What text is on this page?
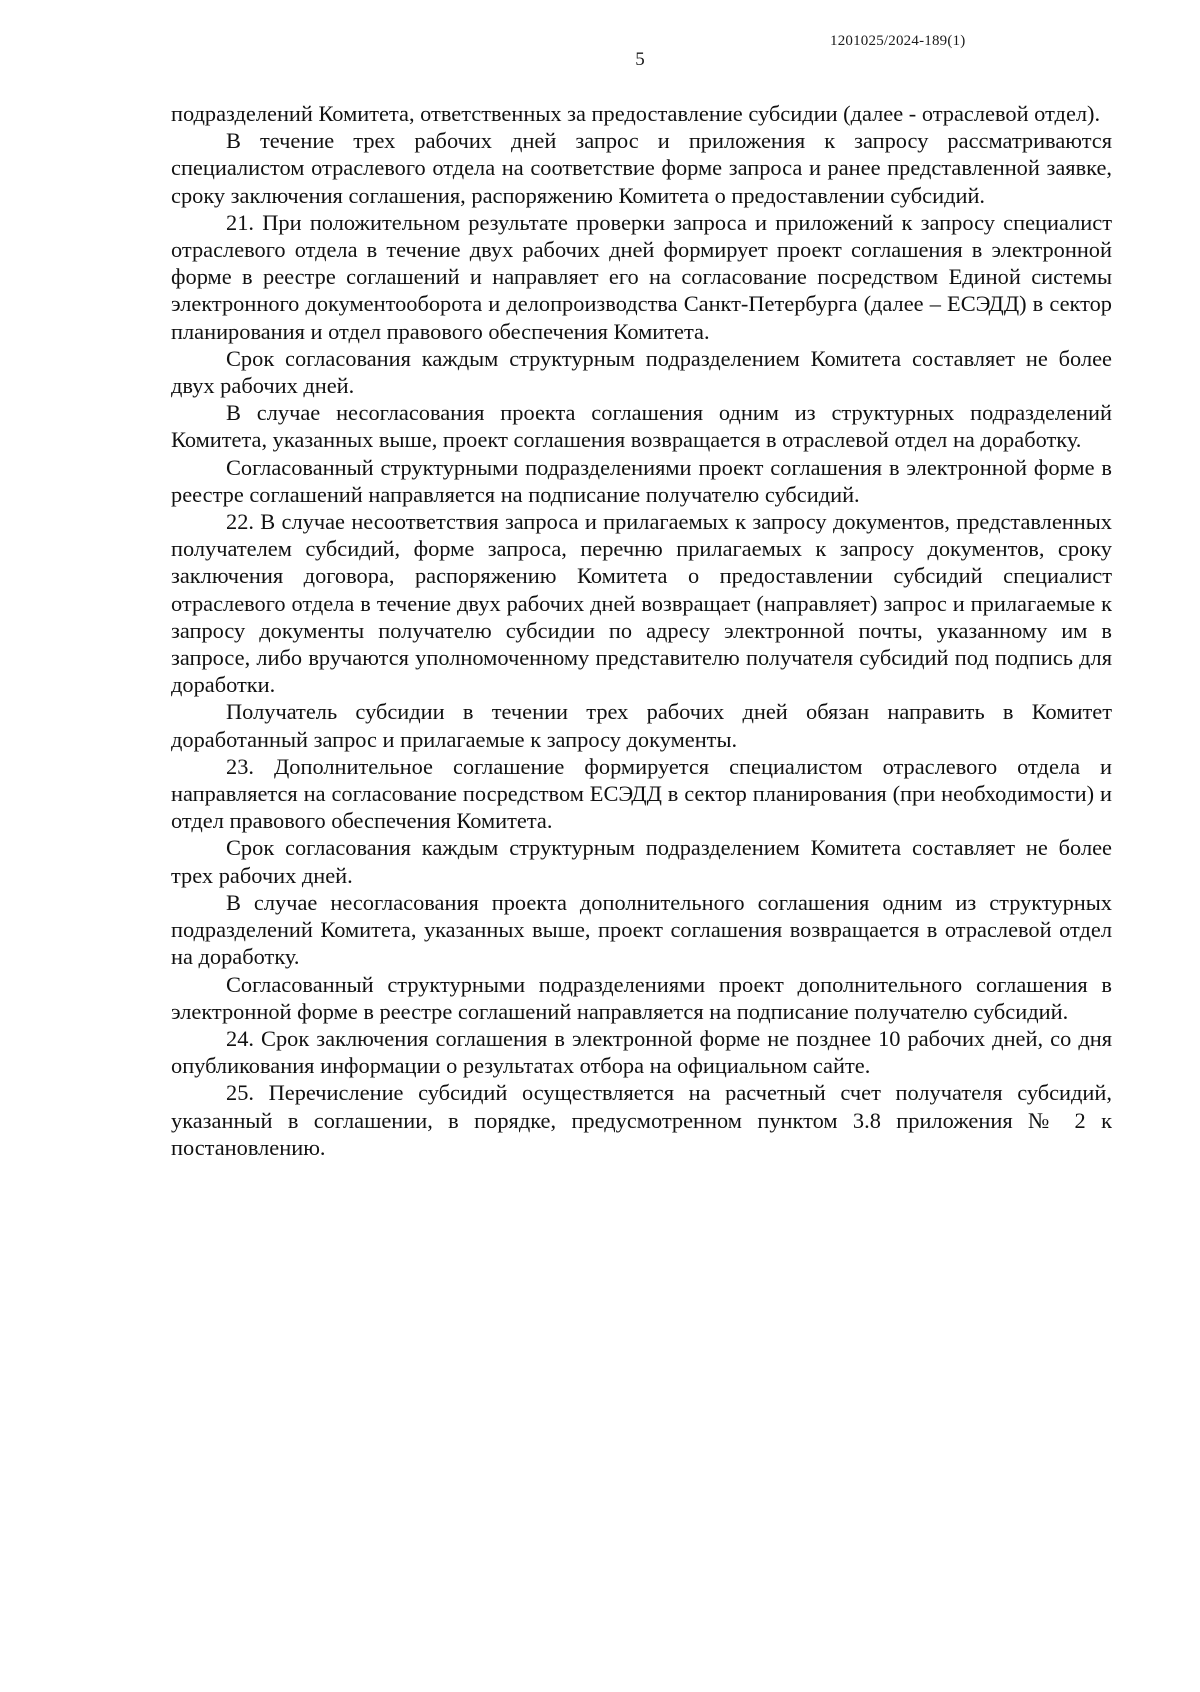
1201025/2024-189(1)
5

подразделений Комитета, ответственных за предоставление субсидии (далее - отраслевой отдел).

В течение трех рабочих дней запрос и приложения к запросу рассматриваются специалистом отраслевого отдела на соответствие форме запроса и ранее представленной заявке, сроку заключения соглашения, распоряжению Комитета о предоставлении субсидий.

21. При положительном результате проверки запроса и приложений к запросу специалист отраслевого отдела в течение двух рабочих дней формирует проект соглашения в электронной форме в реестре соглашений и направляет его на согласование посредством Единой системы электронного документооборота и делопроизводства Санкт-Петербурга (далее – ЕСЭДД) в сектор планирования и отдел правового обеспечения Комитета.

Срок согласования каждым структурным подразделением Комитета составляет не более двух рабочих дней.

В случае несогласования проекта соглашения одним из структурных подразделений Комитета, указанных выше, проект соглашения возвращается в отраслевой отдел на доработку.

Согласованный структурными подразделениями проект соглашения в электронной форме в реестре соглашений направляется на подписание получателю субсидий.

22. В случае несоответствия запроса и прилагаемых к запросу документов, представленных получателем субсидий, форме запроса, перечню прилагаемых к запросу документов, сроку заключения договора, распоряжению Комитета о предоставлении субсидий специалист отраслевого отдела в течение двух рабочих дней возвращает (направляет) запрос и прилагаемые к запросу документы получателю субсидии по адресу электронной почты, указанному им в запросе, либо вручаются уполномоченному представителю получателя субсидий под подпись для доработки.

Получатель субсидии в течении трех рабочих дней обязан направить в Комитет доработанный запрос и прилагаемые к запросу документы.

23. Дополнительное соглашение формируется специалистом отраслевого отдела и направляется на согласование посредством ЕСЭДД в сектор планирования (при необходимости) и отдел правового обеспечения Комитета.

Срок согласования каждым структурным подразделением Комитета составляет не более трех рабочих дней.

В случае несогласования проекта дополнительного соглашения одним из структурных подразделений Комитета, указанных выше, проект соглашения возвращается в отраслевой отдел на доработку.

Согласованный структурными подразделениями проект дополнительного соглашения в электронной форме в реестре соглашений направляется на подписание получателю субсидий.

24. Срок заключения соглашения в электронной форме не позднее 10 рабочих дней, со дня опубликования информации о результатах отбора на официальном сайте.

25. Перечисление субсидий осуществляется на расчетный счет получателя субсидий, указанный в соглашении, в порядке, предусмотренном пунктом 3.8 приложения № 2 к постановлению.
